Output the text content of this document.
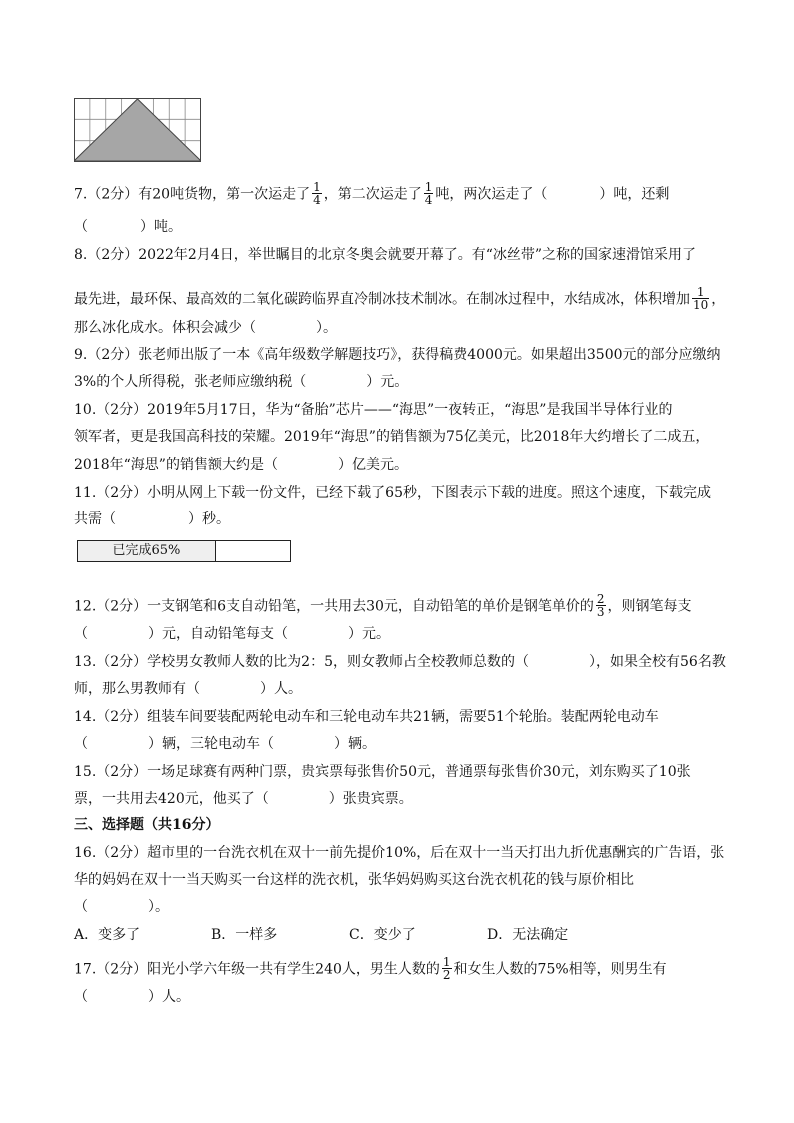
7.（2分）有20吨货物，第一次运走了 $\frac{1}{4}$ ，第二次运走了 $\frac{1}{4}$ 吨，两次运走了（	）吨，还剩
（	）吨。
8.（2分）2022年2月4日，举世瞩目的北京冬奥会就要开幕了。有“冰丝带”之称的国家速滑馆采用了
最先进，最环保、最高效的二氧化碳跨临界直冷制冰技术制冰。在制冰过程中，水结成冰，体积增加 $\frac{1}{10}$ ，
那么冰化成水。体积会减少（	）。
9.（2分）张老师出版了一本《高年级数学解题技巧》，获得稿费4000元。如果超出3500元的部分应缴纳
3%的个人所得税，张老师应缴纳税（	）元。
10.（2分）2019年5月17日，华为“备胎”芯片——“海思”一夜转正，“海思”是我国半导体行业的
领军者，更是我国高科技的荣耀。2019年“海思”的销售额为75亿美元，比2018年大约增长了二成五，
2018年“海思”的销售额大约是（	）亿美元。
11.（2分）小明从网上下载一份文件，已经下载了65秒，下图表示下载的进度。照这个速度，下载完成
共需（	）秒。
已完成65%
12.（2分）一支钢笔和6支自动铅笔，一共用去30元，自动铅笔的单价是钢笔单价的 $\frac{2}{3}$ ，则钢笔每支
（	）元，自动铅笔每支（	）元。
13.（2分）学校男女教师人数的比为2：5，则女教师占全校教师总数的（	），如果全校有56名教
师，那么男教师有（	）人。
14.（2分）组装车间要装配两轮电动车和三轮电动车共21辆，需要51个轮胎。装配两轮电动车
（	）辆，三轮电动车（	）辆。
15.（2分）一场足球赛有两种门票，贵宾票每张售价50元，普通票每张售价30元，刘东购买了10张
票，一共用去420元，他买了（	）张贵宾票。
三、选择题（共16分）
16.（2分）超市里的一台洗衣机在双十一前先提价10%，后在双十一当天打出九折优惠酬宾的广告语，张
华的妈妈在双十一当天购买一台这样的洗衣机，张华妈妈购买这台洗衣机花的钱与原价相比
（	）。
A．变多了	B．一样多	C．变少了	D．无法确定
17.（2分）阳光小学六年级一共有学生240人，男生人数的 $\frac{1}{2}$ 和女生人数的75%相等，则男生有
（	）人。
